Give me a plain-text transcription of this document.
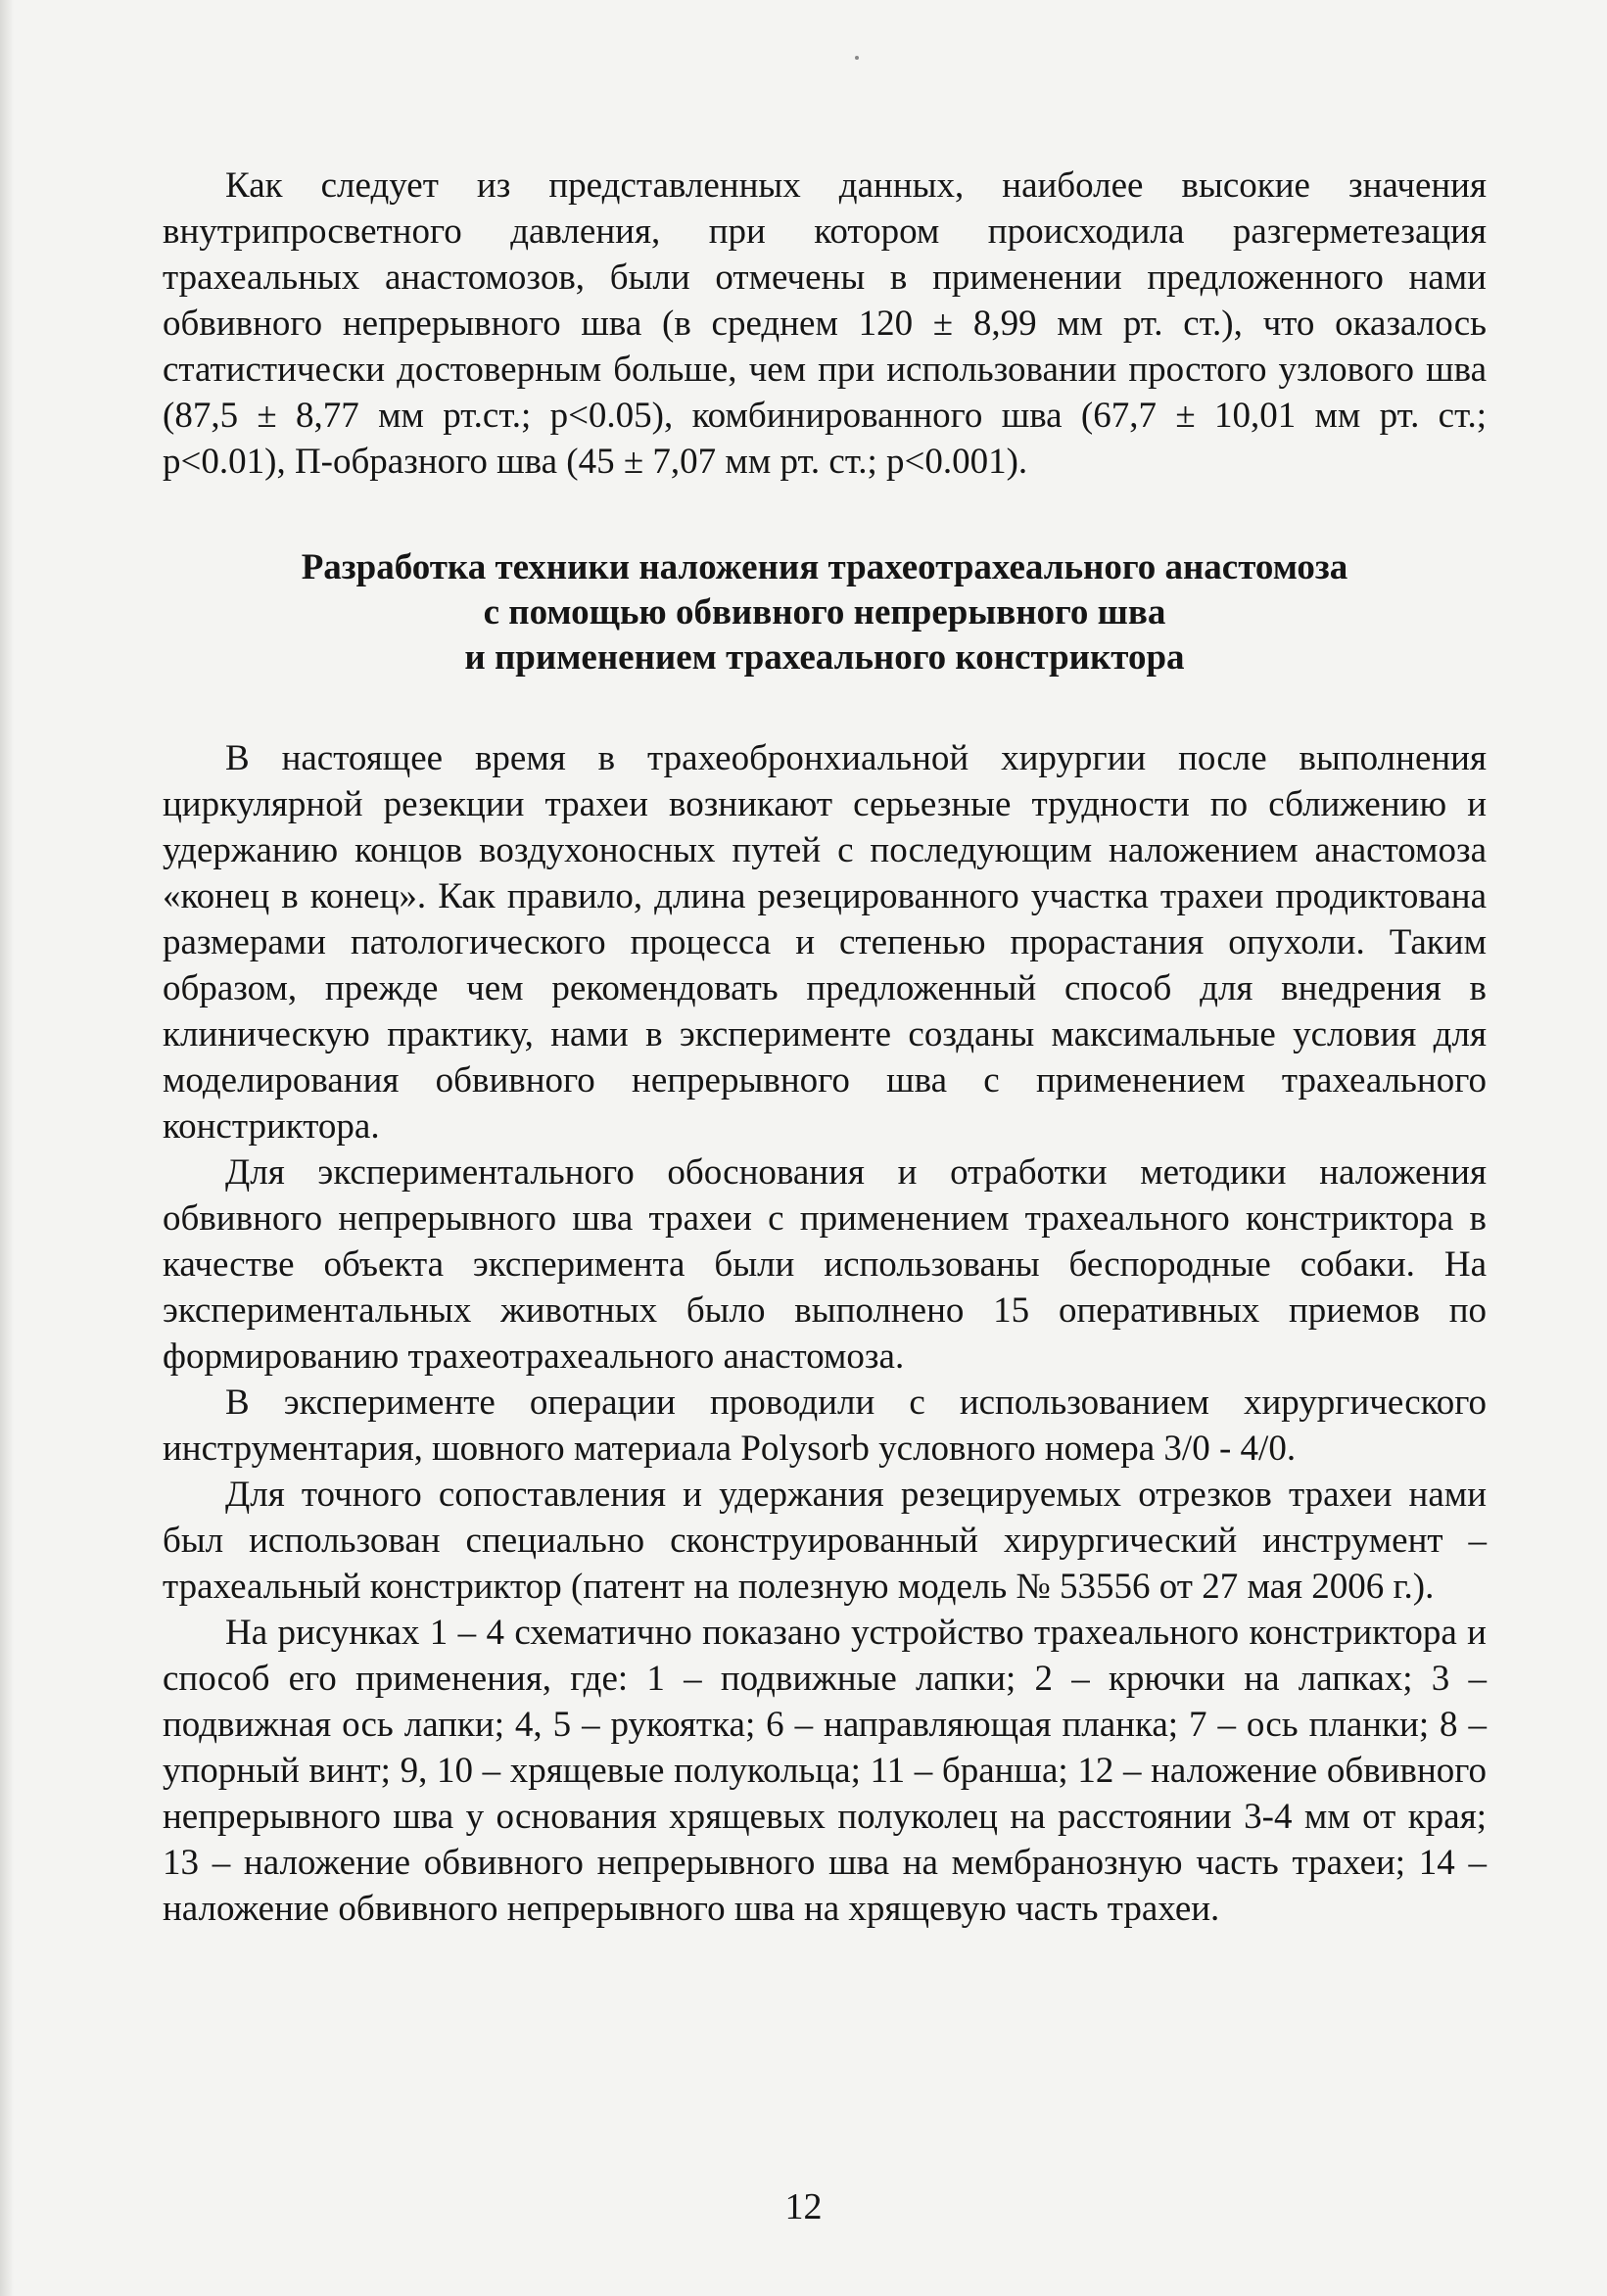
Как следует из представленных данных, наиболее высокие значения внутрипросветного давления, при котором происходила разгерметезация трахеальных анастомозов, были отмечены в применении предложенного нами обвивного непрерывного шва (в среднем 120 ± 8,99 мм рт. ст.), что оказалось статистически достоверным больше, чем при использовании простого узлового шва (87,5 ± 8,77 мм рт.ст.; p<0.05), комбинированного шва (67,7 ± 10,01 мм рт. ст.; p<0.01), П-образного шва (45 ± 7,07 мм рт. ст.; p<0.001).

Разработка техники наложения трахеотрахеального анастомоза
с помощью обвивного непрерывного шва
и применением трахеального констриктора

В настоящее время в трахеобронхиальной хирургии после выполнения циркулярной резекции трахеи возникают серьезные трудности по сближению и удержанию концов воздухоносных путей с последующим наложением анастомоза «конец в конец». Как правило, длина резецированного участка трахеи продиктована размерами патологического процесса и степенью прорастания опухоли. Таким образом, прежде чем рекомендовать предложенный способ для внедрения в клиническую практику, нами в эксперименте созданы максимальные условия для моделирования обвивного непрерывного шва с применением трахеального констриктора.

Для экспериментального обоснования и отработки методики наложения обвивного непрерывного шва трахеи с применением трахеального констриктора в качестве объекта эксперимента были использованы беспородные собаки. На экспериментальных животных было выполнено 15 оперативных приемов по формированию трахеотрахеального анастомоза.

В эксперименте операции проводили с использованием хирургического инструментария, шовного материала Polysorb условного номера 3/0 - 4/0.

Для точного сопоставления и удержания резецируемых отрезков трахеи нами был использован специально сконструированный хирургический инструмент – трахеальный констриктор (патент на полезную модель № 53556 от 27 мая 2006 г.).

На рисунках 1 – 4 схематично показано устройство трахеального констриктора и способ его применения, где: 1 – подвижные лапки; 2 – крючки на лапках; 3 – подвижная ось лапки; 4, 5 – рукоятка; 6 – направляющая планка; 7 – ось планки; 8 – упорный винт; 9, 10 – хрящевые полукольца; 11 – бранша; 12 – наложение обвивного непрерывного шва у основания хрящевых полуколец на расстоянии 3-4 мм от края; 13 – наложение обвивного непрерывного шва на мембранозную часть трахеи; 14 – наложение обвивного непрерывного шва на хрящевую часть трахеи.

12
